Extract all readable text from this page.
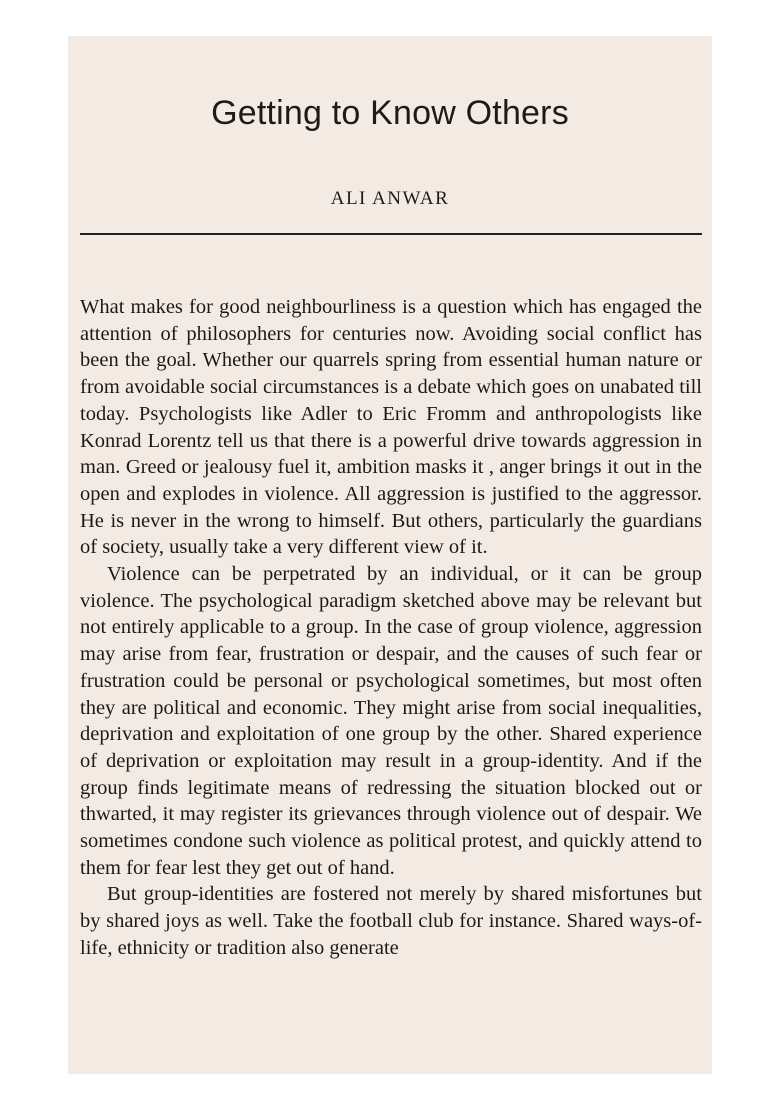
Getting to Know Others
ALI ANWAR

What makes for good neighbourliness is a question which has engaged the attention of philosophers for centuries now. Avoiding social conflict has been the goal. Whether our quarrels spring from essential human nature or from avoidable social circumstances is a debate which goes on unabated till today. Psychologists like Adler to Eric Fromm and anthropologists like Konrad Lorentz tell us that there is a powerful drive towards aggression in man. Greed or jealousy fuel it, ambition masks it , anger brings it out in the open and explodes in violence. All aggression is justified to the aggressor. He is never in the wrong to himself. But others, particularly the guardians of society, usually take a very different view of it.

Violence can be perpetrated by an individual, or it can be group violence. The psychological paradigm sketched above may be relevant but not entirely applicable to a group. In the case of group violence, aggression may arise from fear, frustration or despair, and the causes of such fear or frustration could be personal or psychological sometimes, but most often they are political and economic. They might arise from social inequalities, deprivation and exploitation of one group by the other. Shared experience of deprivation or exploitation may result in a group-identity. And if the group finds legitimate means of redressing the situation blocked out or thwarted, it may register its grievances through violence out of despair. We sometimes condone such violence as political protest, and quickly attend to them for fear lest they get out of hand.

But group-identities are fostered not merely by shared misfortunes but by shared joys as well. Take the football club for instance. Shared ways-of-life, ethnicity or tradition also generate
